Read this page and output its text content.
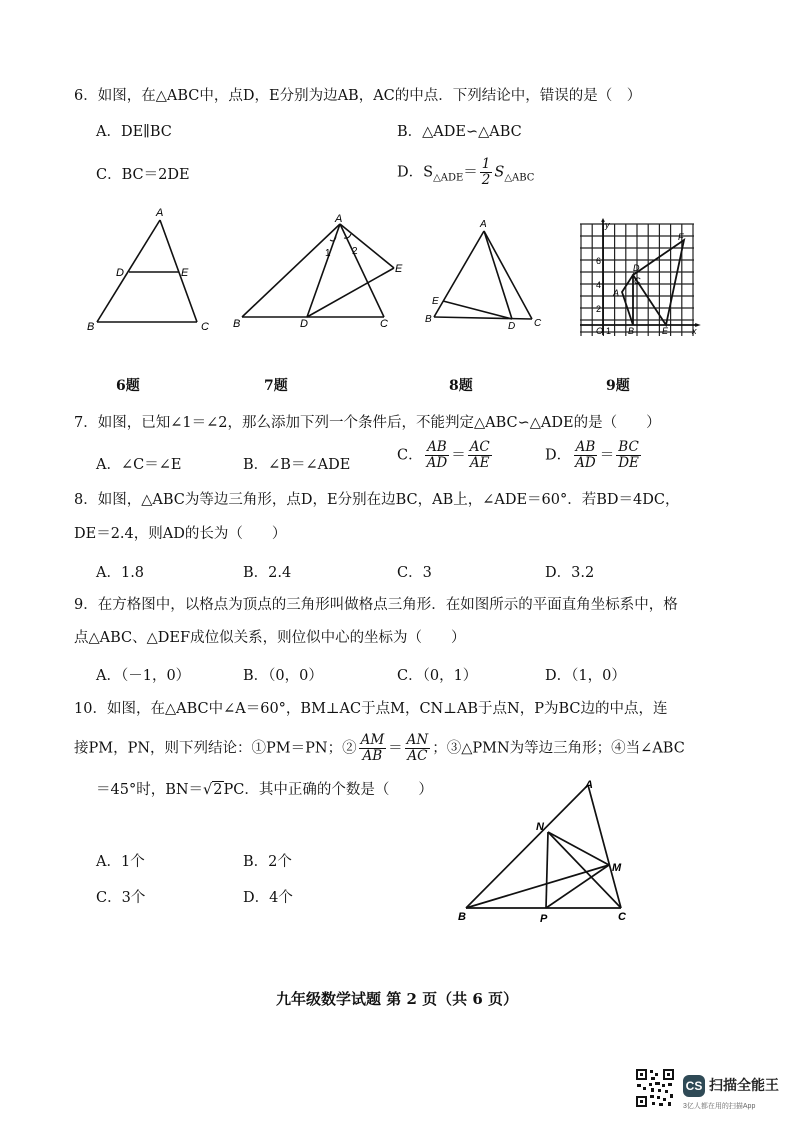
6．如图，在△ABC中，点D，E分别为边AB，AC的中点．下列结论中，错误的是（　）
A．DE∥BC	B．△ADE∽△ABC
C．BC＝2DE	D．$S_{\triangle ADE}= \frac{1}{2} S_{\triangle ABC}$
A
B	C
D	E
A
B	C
D
E
1 2
A
B	C
D
E
y
x
O 1
2
4
6
A
B
C
D
E
F
6题	7题	8题	9题
7．如图，已知∠1＝∠2，那么添加下列一个条件后，不能判定△ABC∽△ADE的是（　　）
A．∠C＝∠E	B．∠B＝∠ADE
C． $\frac{AB}{AD} = \frac{AC}{AE}$	D． $\frac{AB}{AD} = \frac{BC}{DE}$
8．如图，△ABC为等边三角形，点D，E分别在边BC，AB上，∠ADE＝60°．若BD＝4DC，
DE＝2.4，则AD的长为（　　）
A．1.8	B．2.4	C．3	D．3.2
9．在方格图中，以格点为顶点的三角形叫做格点三角形．在如图所示的平面直角坐标系中，格
点△ABC、△DEF成位似关系，则位似中心的坐标为（　　）
A．（－1，0）	B．（0，0）	C．（0，1）	D．（1，0）
10．如图，在△ABC中∠A＝60°，BM⊥AC于点M，CN⊥AB于点N，P为BC边的中点，连
接PM，PN，则下列结论：①PM＝PN；② $\frac{AM}{AB} = \frac{AN}{AC}$ ；③△PMN为等边三角形；④当∠ABC
＝45°时，BN＝√2PC．其中正确的个数是（　　）
A．1个	B．2个
C．3个	D．4个
A
B	C
M
N
P
九年级数学试题 第 2 页（共 6 页）
CS 扫描全能王
3亿人都在用的扫描App
